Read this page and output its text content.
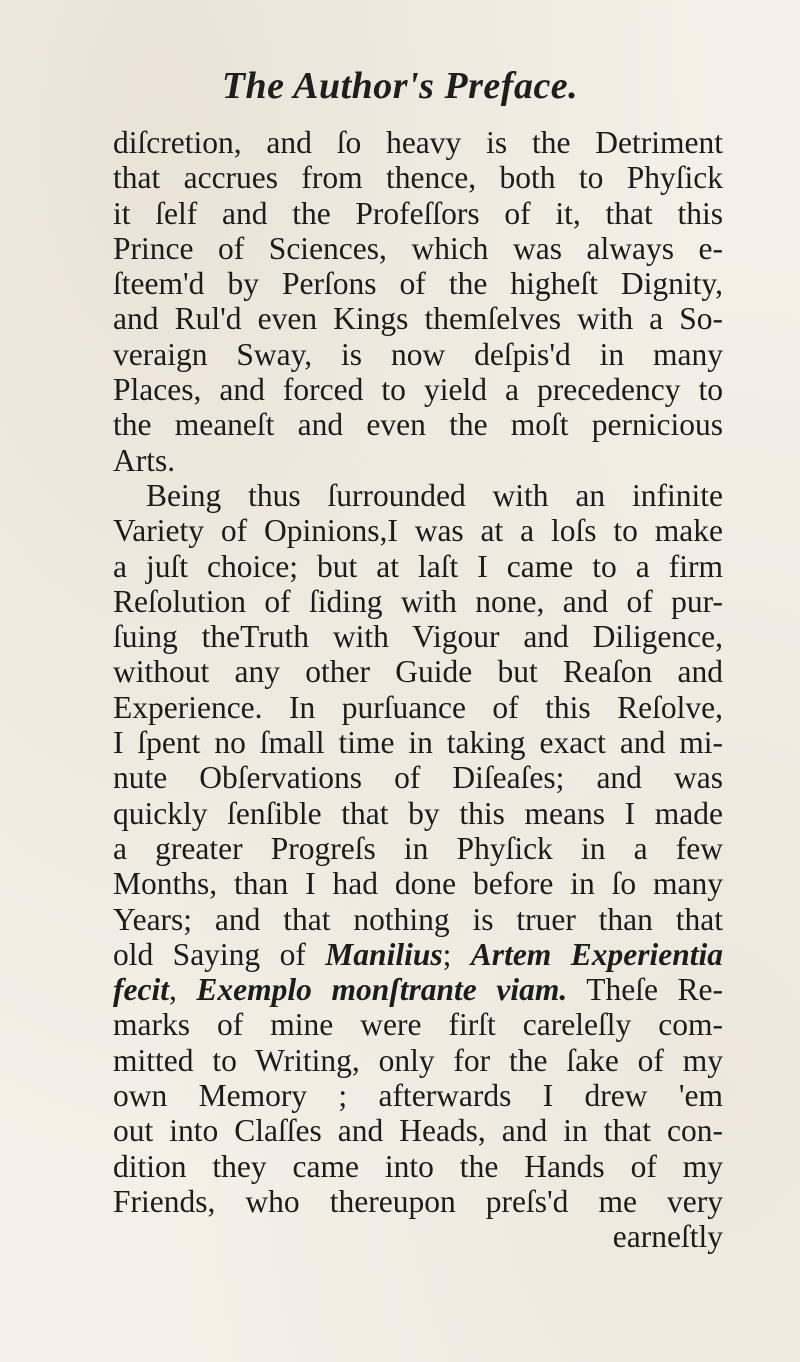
The Author's Preface.
diſcretion, and ſo heavy is the Detriment
that accrues from thence, both to Phyſick
it ſelf and the Profeſſors of it, that this
Prince of Sciences, which was always e-
ſteem'd by Perſons of the higheſt Dignity,
and Rul'd even Kings themſelves with a So-
veraign Sway, is now deſpis'd in many
Places, and forced to yield a precedency to
the meaneſt and even the moſt pernicious
Arts.
Being thus ſurrounded with an infinite
Variety of Opinions,I was at a loſs to make
a juſt choice; but at laſt I came to a firm
Reſolution of ſiding with none, and of pur-
ſuing theTruth with Vigour and Diligence,
without any other Guide but Reaſon and
Experience. In purſuance of this Reſolve,
I ſpent no ſmall time in taking exact and mi-
nute Obſervations of Diſeaſes; and was
quickly ſenſible that by this means I made
a greater Progreſs in Phyſick in a few
Months, than I had done before in ſo many
Years; and that nothing is truer than that
old Saying of Manilius; Artem Experientia
fecit, Exemplo monſtrante viam. Theſe Re-
marks of mine were firſt careleſly com-
mitted to Writing, only for the ſake of my
own Memory ; afterwards I drew 'em
out into Claſſes and Heads, and in that con-
dition they came into the Hands of my
Friends, who thereupon preſs'd me very
earneſtly
